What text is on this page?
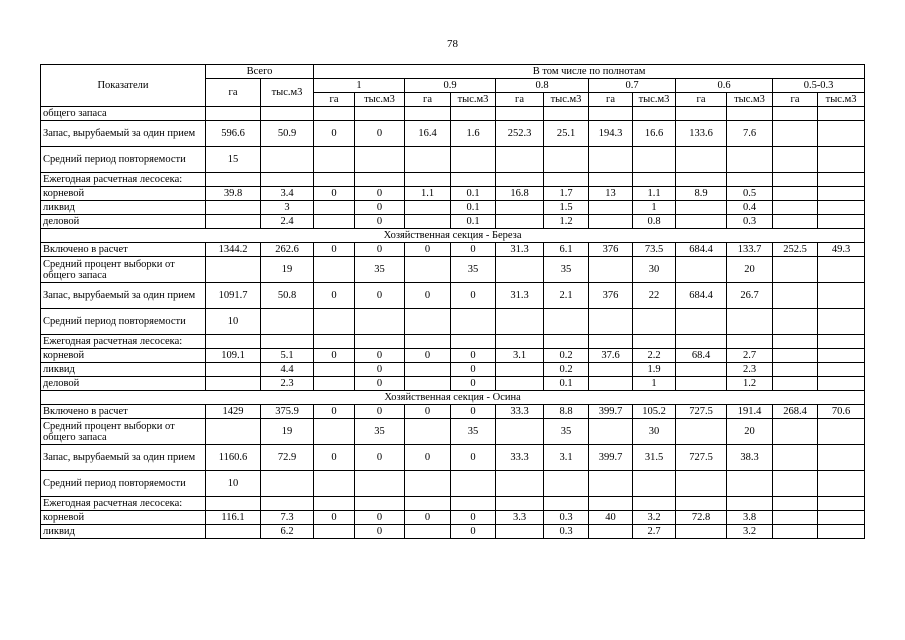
78
Показатели	Всего		В том числе по полнотам											
	га	тыс.м3	1		0.9		0.8		0.7		0.6		0.5-0.3	
			га	тыс.м3	га	тыс.м3	га	тыс.м3	га	тыс.м3	га	тыс.м3	га	тыс.м3
общего запаса														
Запас, вырубаемый за один прием	596.6	50.9	0	0	16.4	1.6	252.3	25.1	194.3	16.6	133.6	7.6		
Средний период повторяемости	15													
Ежегодная расчетная лесосека:														
корневой	39.8	3.4	0	0	1.1	0.1	16.8	1.7	13	1.1	8.9	0.5		
ликвид		3		0		0.1		1.5		1		0.4		
деловой		2.4		0		0.1		1.2		0.8		0.3		
Хозяйственная секция - Береза														
Включено в расчет	1344.2	262.6	0	0	0	0	31.3	6.1	376	73.5	684.4	133.7	252.5	49.3
Средний процент выборки от общего запаса		19		35		35		35		30		20		
Запас, вырубаемый за один прием	1091.7	50.8	0	0	0	0	31.3	2.1	376	22	684.4	26.7		
Средний период повторяемости	10													
Ежегодная расчетная лесосека:														
корневой	109.1	5.1	0	0	0	0	3.1	0.2	37.6	2.2	68.4	2.7		
ликвид		4.4		0		0		0.2		1.9		2.3		
деловой		2.3		0		0		0.1		1		1.2		
Хозяйственная секция - Осина														
Включено в расчет	1429	375.9	0	0	0	0	33.3	8.8	399.7	105.2	727.5	191.4	268.4	70.6
Средний процент выборки от общего запаса		19		35		35		35		30		20		
Запас, вырубаемый за один прием	1160.6	72.9	0	0	0	0	33.3	3.1	399.7	31.5	727.5	38.3		
Средний период повторяемости	10													
Ежегодная расчетная лесосека:														
корневой	116.1	7.3	0	0	0	0	3.3	0.3	40	3.2	72.8	3.8		
ликвид		6.2		0		0		0.3		2.7		3.2		
